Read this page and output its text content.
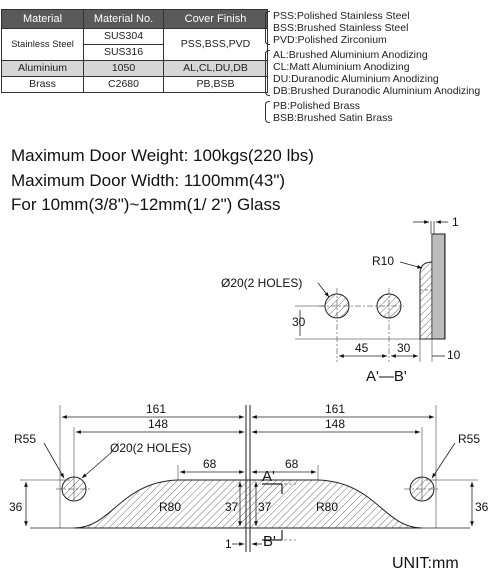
Material	Material No.	Cover Finish
Stainless Steel	SUS304	PSS,BSS,PVD
	SUS316	
Aluminium	1050	AL,CL,DU,DB
Brass	C2680	PB,BSB
PSS:Polished Stainless Steel
BSS:Brushed Stainless Steel
PVD:Polished Zirconium
AL:Brushed Aluminium Anodizing
CL:Matt Aluminium Anodizing
DU:Duranodic Aluminium Anodizing
DB:Brushed Duranodic Aluminium Anodizing
PB:Polished Brass
BSB:Brushed Satin Brass
Maximum Door Weight: 100kgs(220 lbs)
Maximum Door Width: 1100mm(43")
For 10mm(3/8")~12mm(1/ 2") Glass
1
R10
Ø20(2 HOLES)
30
45 30	10
A'—B'
161	161
148	148
R55	R55
Ø20(2 HOLES)
68	68
A'
B'
36	36
R80	R80
37 37
1
UNIT:mm
